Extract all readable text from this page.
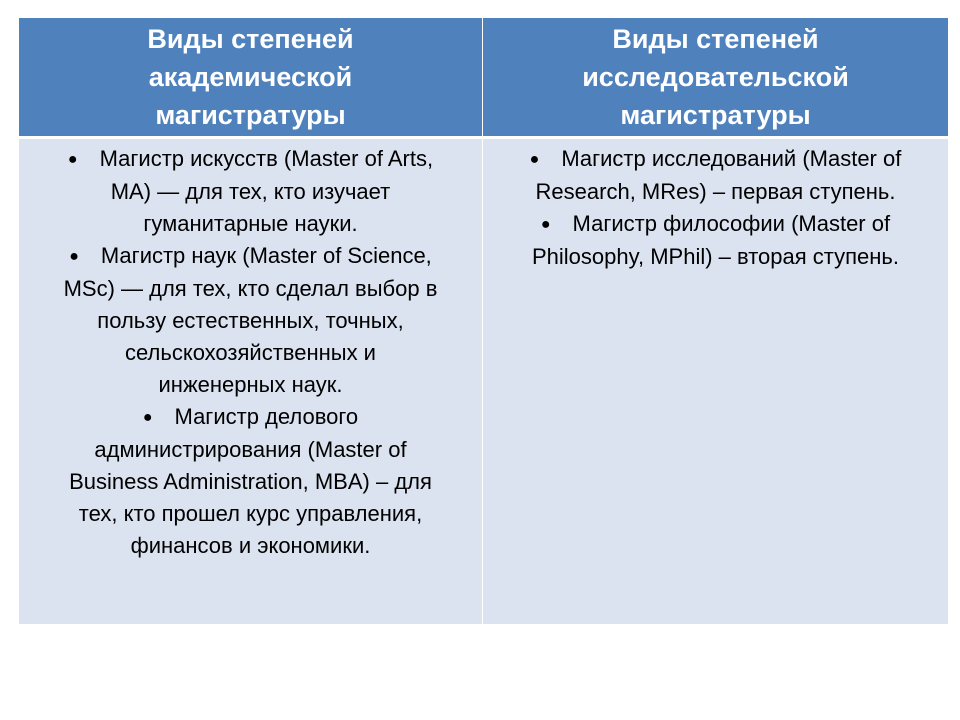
Виды степеней
академической
магистратуры
Виды степеней
исследовательской
магистратуры
● Магистр искусств (Master of Arts,
MA) — для тех, кто изучает
гуманитарные науки.
● Магистр наук (Master of Science,
MSc) — для тех, кто сделал выбор в
пользу естественных, точных,
сельскохозяйственных и
инженерных наук.
● Магистр делового
администрирования (Master of
Business Administration, MBA) – для
тех, кто прошел курс управления,
финансов и экономики.
● Магистр исследований (Master of
Research, MRes) – первая ступень.
● Магистр философии (Master of
Philosophy, MPhil) – вторая ступень.
